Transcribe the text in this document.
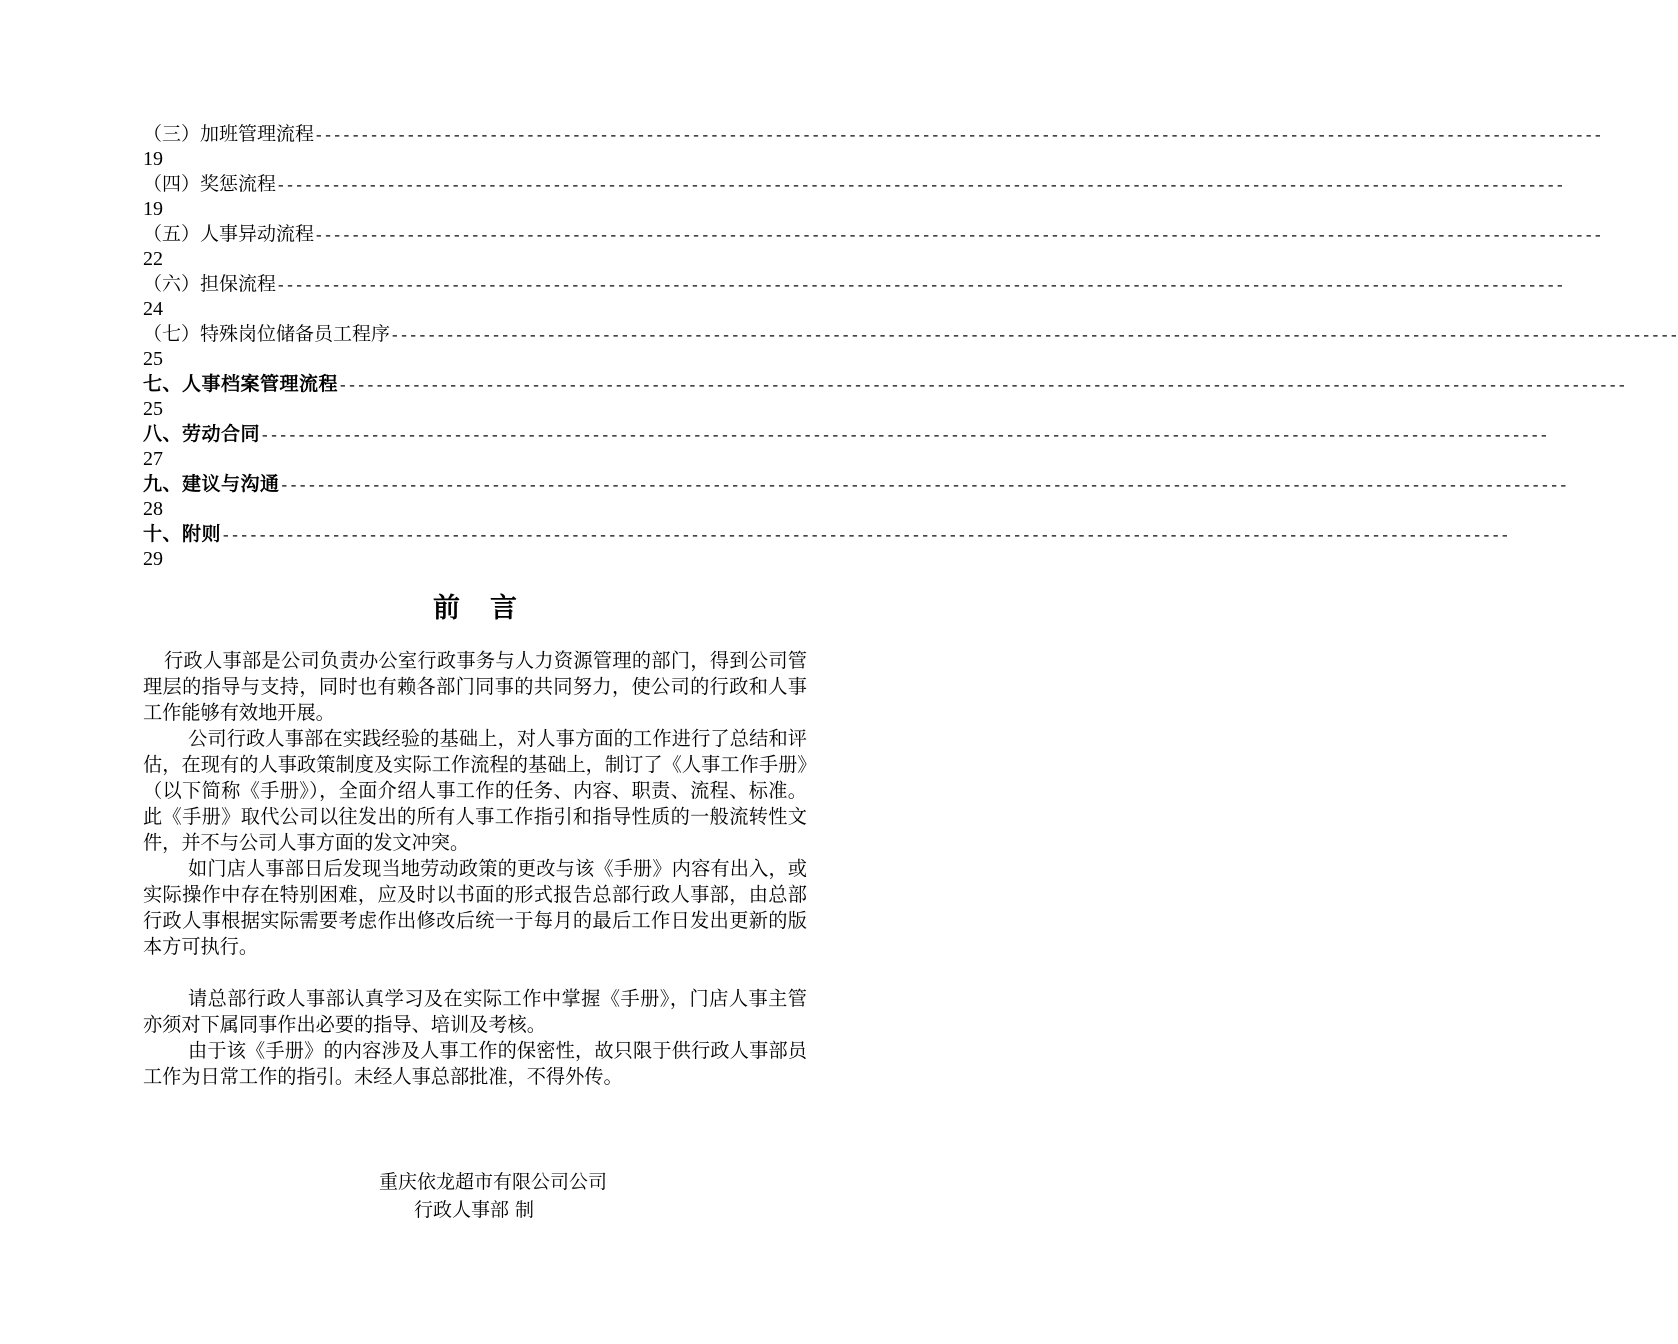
（三）加班管理流程 --------------------------------------------------------------------------------------------------------------------------------------------
19
（四）奖惩流程 --------------------------------------------------------------------------------------------------------------------------------------------
19
（五）人事异动流程 --------------------------------------------------------------------------------------------------------------------------------------------
22
（六）担保流程 --------------------------------------------------------------------------------------------------------------------------------------------
24
（七）特殊岗位储备员工程序 --------------------------------------------------------------------------------------------------------------------------------------------
25
七、人事档案管理流程 --------------------------------------------------------------------------------------------------------------------------------------------
25
八、劳动合同 --------------------------------------------------------------------------------------------------------------------------------------------
27
九、建议与沟通 --------------------------------------------------------------------------------------------------------------------------------------------
28
十、附则 --------------------------------------------------------------------------------------------------------------------------------------------
29
前言

行政人事部是公司负责办公室行政事务与人力资源管理的部门，得到公司管理层的指导与支持，同时也有赖各部门同事的共同努力，使公司的行政和人事工作能够有效地开展。

公司行政人事部在实践经验的基础上，对人事方面的工作进行了总结和评估，在现有的人事政策制度及实际工作流程的基础上，制订了《人事工作手册》（以下简称《手册》），全面介绍人事工作的任务、内容、职责、流程、标准。此《手册》取代公司以往发出的所有人事工作指引和指导性质的一般流转性文件，并不与公司人事方面的发文冲突。

如门店人事部日后发现当地劳动政策的更改与该《手册》内容有出入，或实际操作中存在特别困难，应及时以书面的形式报告总部行政人事部，由总部行政人事根据实际需要考虑作出修改后统一于每月的最后工作日发出更新的版本方可执行。

请总部行政人事部认真学习及在实际工作中掌握《手册》，门店人事主管亦须对下属同事作出必要的指导、培训及考核。

由于该《手册》的内容涉及人事工作的保密性，故只限于供行政人事部员工作为日常工作的指引。未经人事总部批准，不得外传。

重庆依龙超市有限公司公司

行政人事部 制
